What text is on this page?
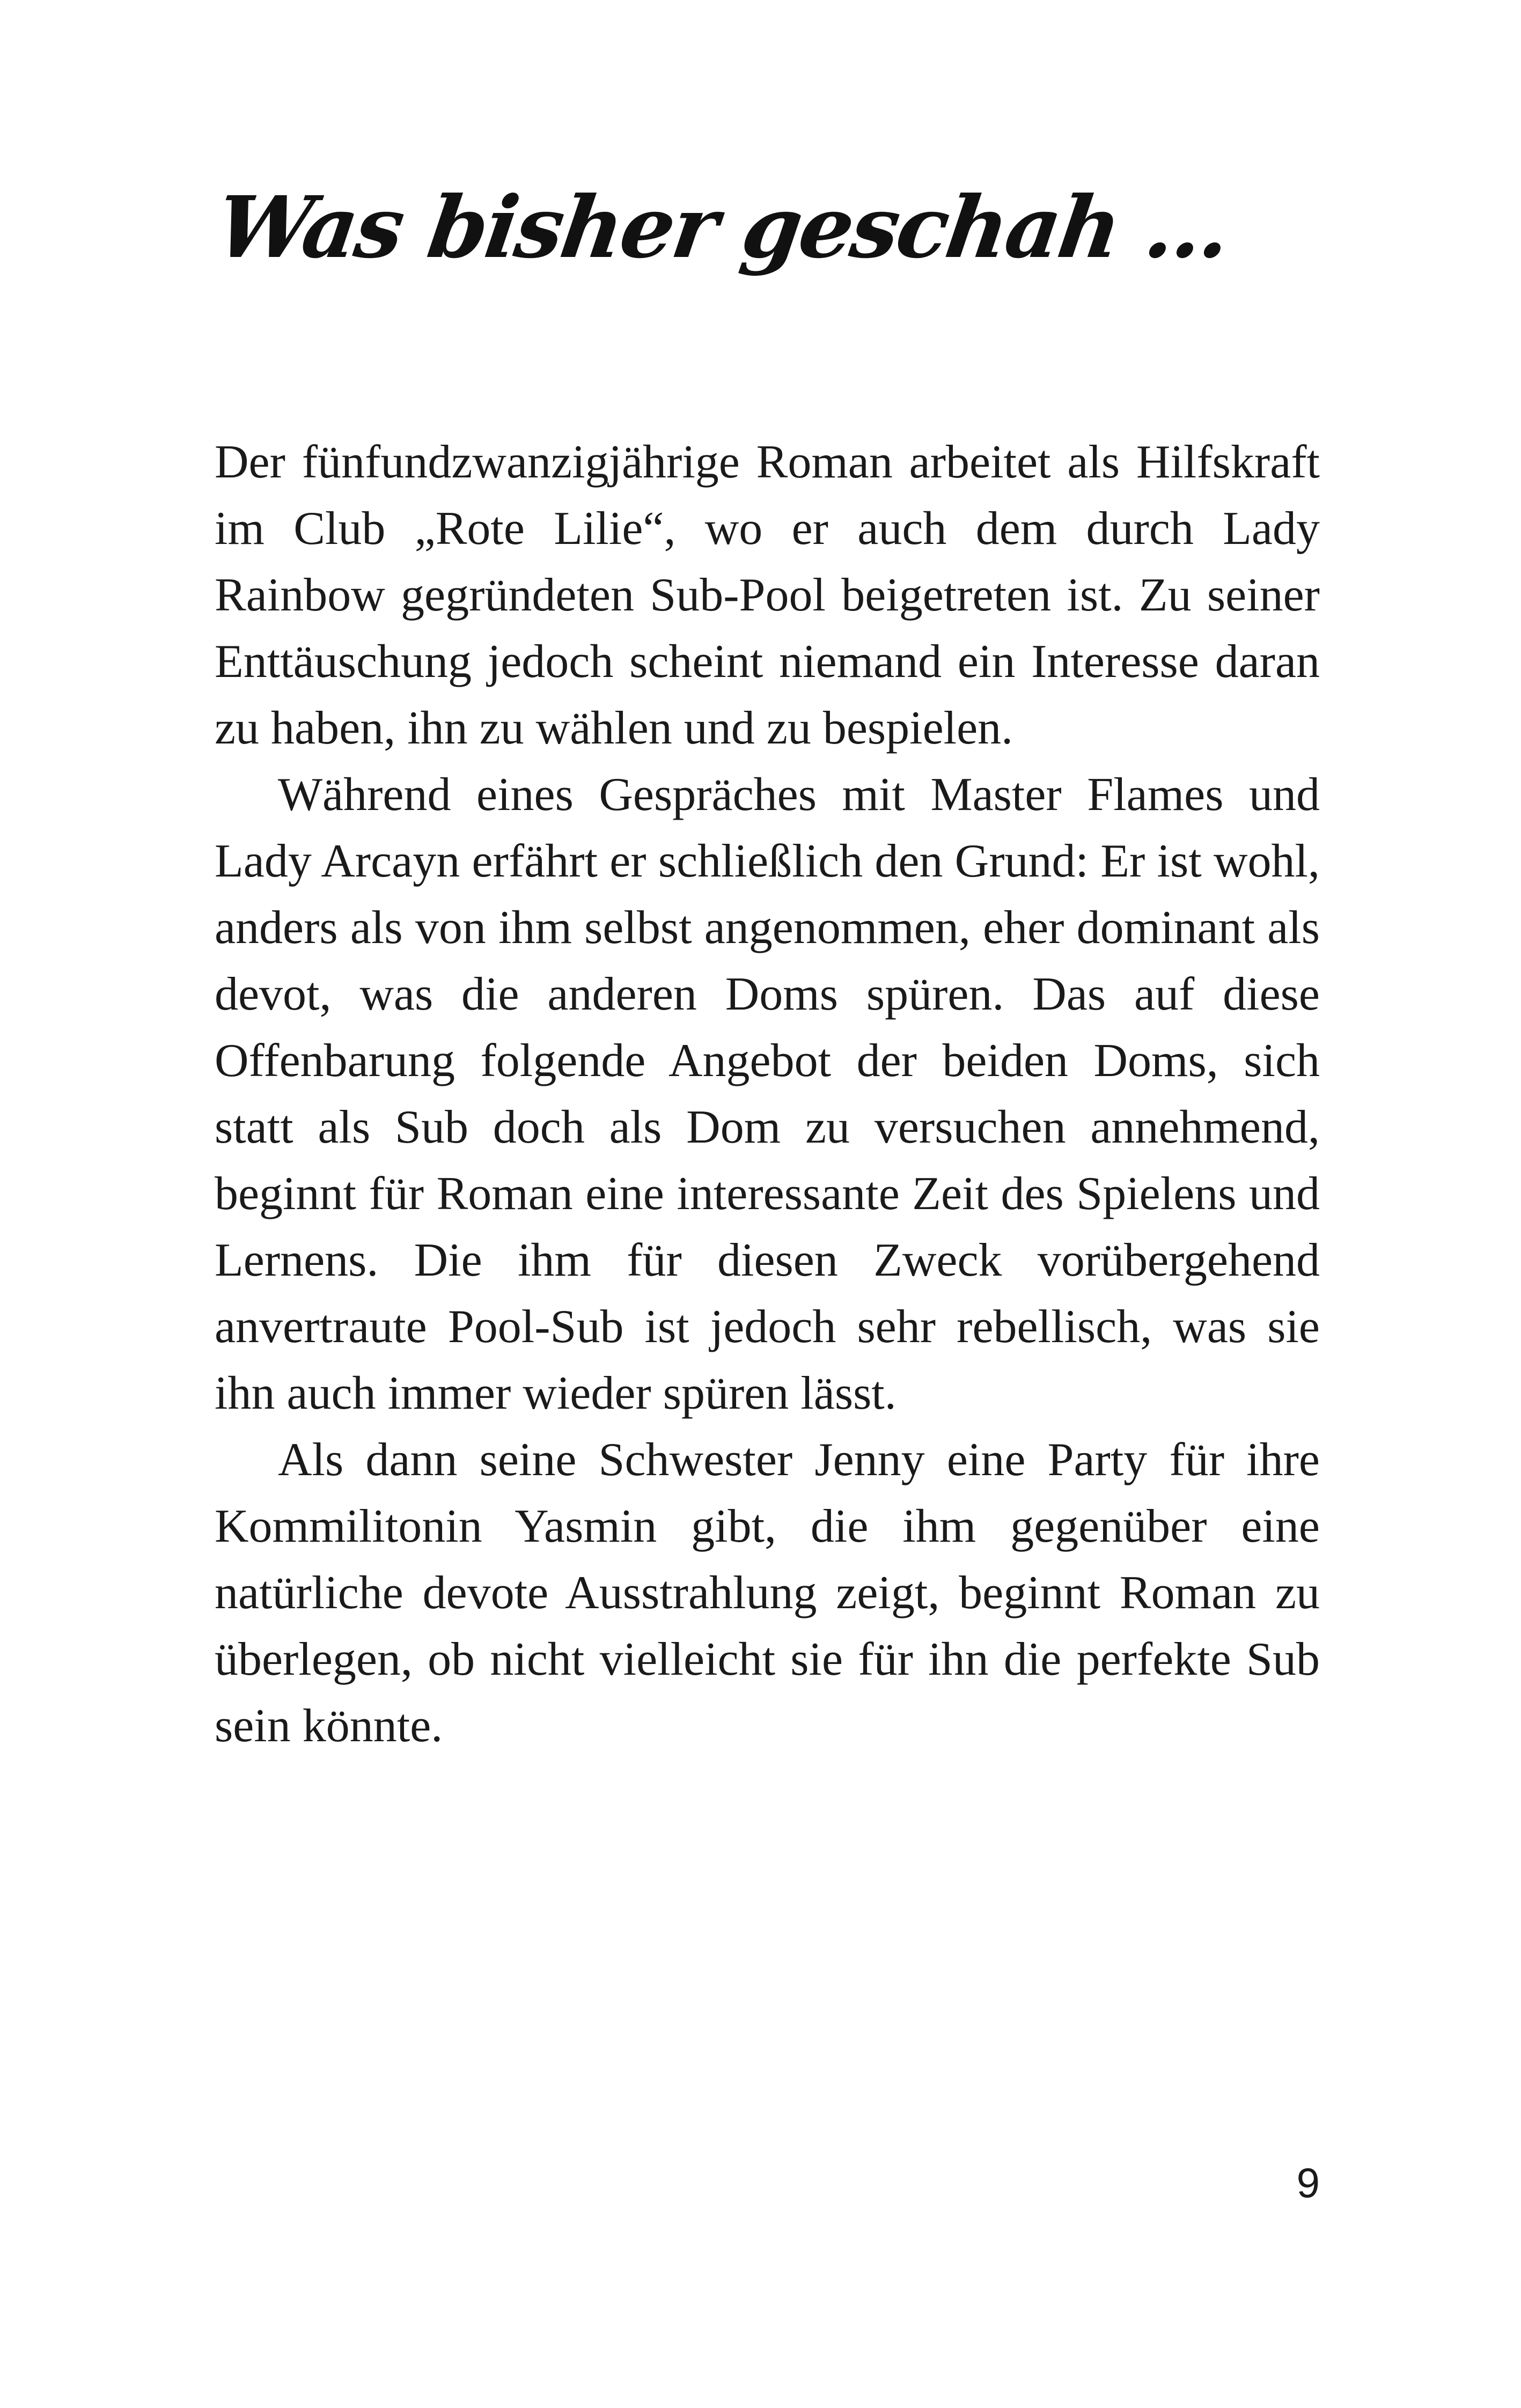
Was bisher geschah ...

Der fünfundzwanzigjährige Roman arbeitet als Hilfskraft im Club „Rote Lilie“, wo er auch dem durch Lady Rainbow gegründeten Sub-Pool beigetreten ist. Zu seiner Enttäuschung jedoch scheint niemand ein Interesse daran zu haben, ihn zu wählen und zu bespielen.

Während eines Gespräches mit Master Flames und Lady Arcayn erfährt er schließlich den Grund: Er ist wohl, anders als von ihm selbst angenommen, eher dominant als devot, was die anderen Doms spüren. Das auf diese Offenbarung folgende Angebot der beiden Doms, sich statt als Sub doch als Dom zu versuchen annehmend, beginnt für Roman eine interessante Zeit des Spielens und Lernens. Die ihm für diesen Zweck vorübergehend anvertraute Pool-Sub ist jedoch sehr rebellisch, was sie ihn auch immer wieder spüren lässt.

Als dann seine Schwester Jenny eine Party für ihre Kommilitonin Yasmin gibt, die ihm gegenüber eine natürliche devote Ausstrahlung zeigt, beginnt Roman zu überlegen, ob nicht vielleicht sie für ihn die perfekte Sub sein könnte.

9
